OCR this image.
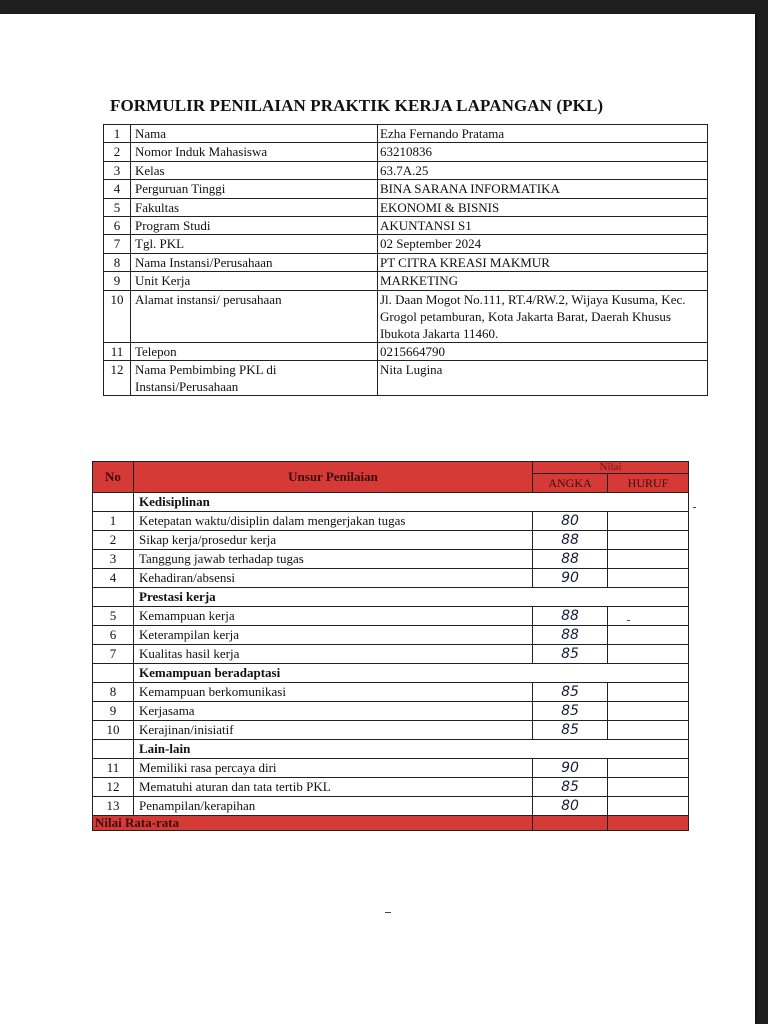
FORMULIR PENILAIAN PRAKTIK KERJA LAPANGAN (PKL)
1	Nama	Ezha Fernando Pratama
2	Nomor Induk Mahasiswa	63210836
3	Kelas	63.7A.25
4	Perguruan Tinggi	BINA SARANA INFORMATIKA
5	Fakultas	EKONOMI & BISNIS
6	Program Studi	AKUNTANSI S1
7	Tgl. PKL	02 September 2024
8	Nama Instansi/Perusahaan	PT CITRA KREASI MAKMUR
9	Unit Kerja	MARKETING
10	Alamat instansi/ perusahaan	Jl. Daan Mogot No.111, RT.4/RW.2, Wijaya Kusuma, Kec. Grogol petamburan, Kota Jakarta Barat, Daerah Khusus Ibukota Jakarta 11460.
11	Telepon	0215664790
12	Nama Pembimbing PKL di Instansi/Perusahaan	Nita Lugina
No	Unsur Penilaian	Nilai	
		ANGKA	HURUF
	Kedisiplinan		
1	Ketepatan waktu/disiplin dalam mengerjakan tugas	80	
2	Sikap kerja/prosedur kerja	88	
3	Tanggung jawab terhadap tugas	88	
4	Kehadiran/absensi	90	
	Prestasi kerja		
5	Kemampuan kerja	88	
6	Keterampilan kerja	88	
7	Kualitas hasil kerja	85	
	Kemampuan beradaptasi		
8	Kemampuan berkomunikasi	85	
9	Kerjasama	85	
10	Kerajinan/inisiatif	85	
	Lain-lain		
11	Memiliki rasa percaya diri	90	
12	Mematuhi aturan dan tata tertib PKL	85	
13	Penampilan/kerapihan	80	
Nilai Rata-rata			
